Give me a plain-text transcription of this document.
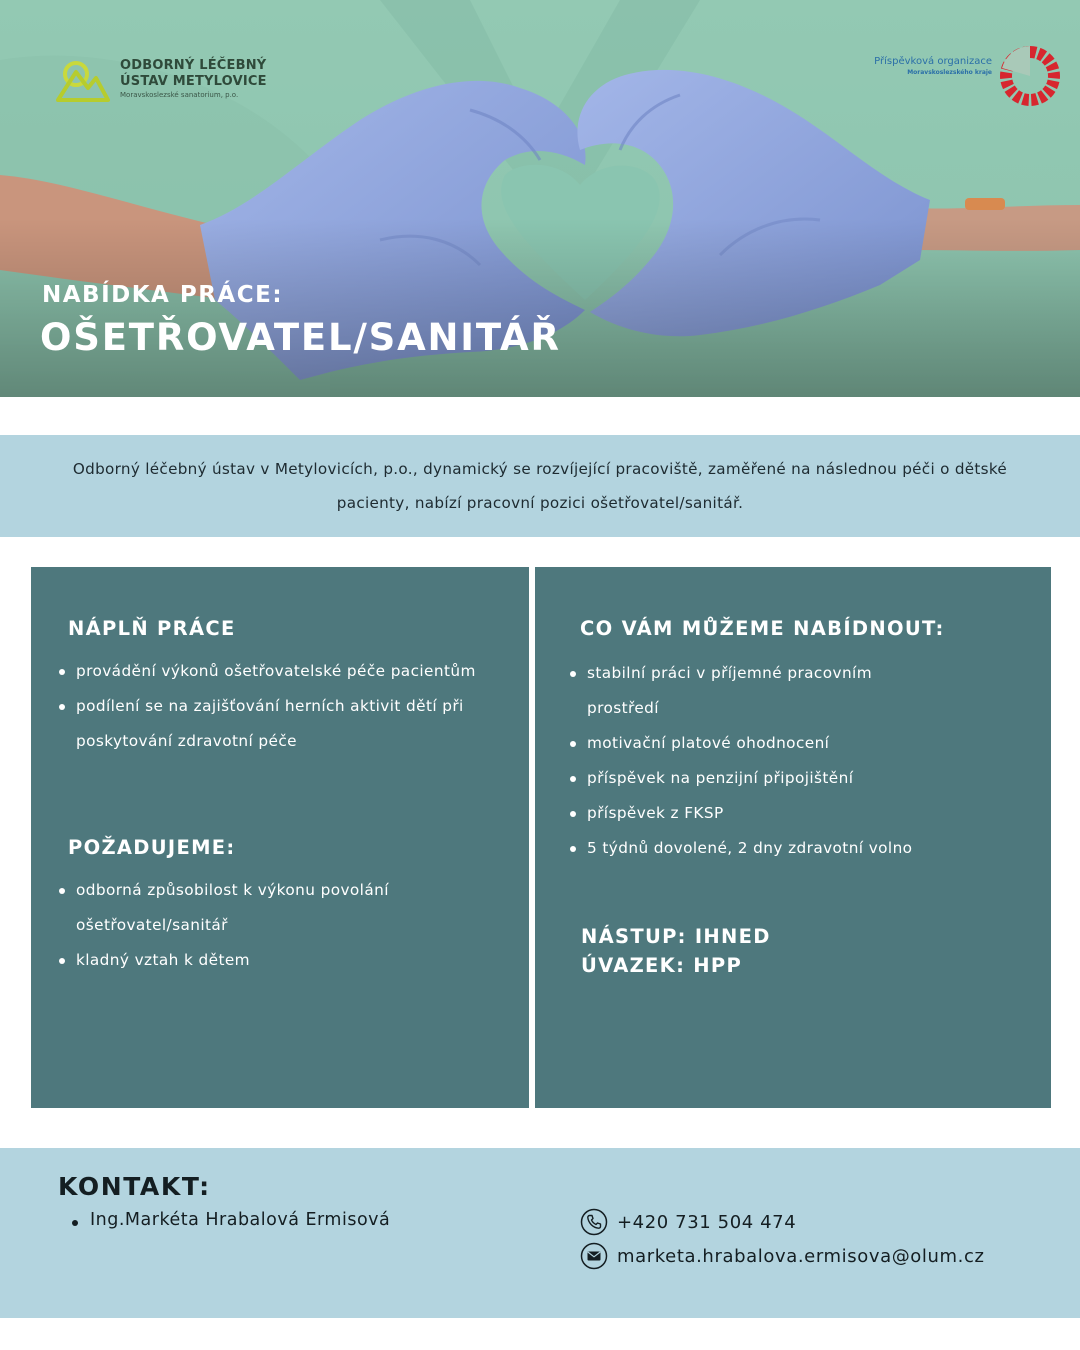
ODBORNÝ LÉČEBNÝ
ÚSTAV METYLOVICE
Moravskoslezské sanatorium, p.o.
Příspěvková organizace
Moravskoslezského kraje
NABÍDKA PRÁCE:
OŠETŘOVATEL/SANITÁŘ

Odborný léčebný ústav v Metylovicích, p.o., dynamický se rozvíjející pracoviště, zaměřené na následnou péči o dětské pacienty, nabízí pracovní pozici ošetřovatel/sanitář.

NÁPLŇ PRÁCE
provádění výkonů ošetřovatelské péče pacientům
podílení se na zajišťování herních aktivit dětí při poskytování zdravotní péče
POŽADUJEME:
odborná způsobilost k výkonu povolání ošetřovatel/sanitář
kladný vztah k dětem
CO VÁM MŮŽEME NABÍDNOUT:
stabilní práci v příjemné pracovním prostředí
motivační platové ohodnocení
příspěvek na penzijní připojištění
příspěvek z FKSP
5 týdnů dovolené, 2 dny zdravotní volno
NÁSTUP: IHNED
ÚVAZEK: HPP
KONTAKT:
Ing.Markéta Hrabalová Ermisová	+420 731 504 474
marketa.hrabalova.ermisova@olum.cz
